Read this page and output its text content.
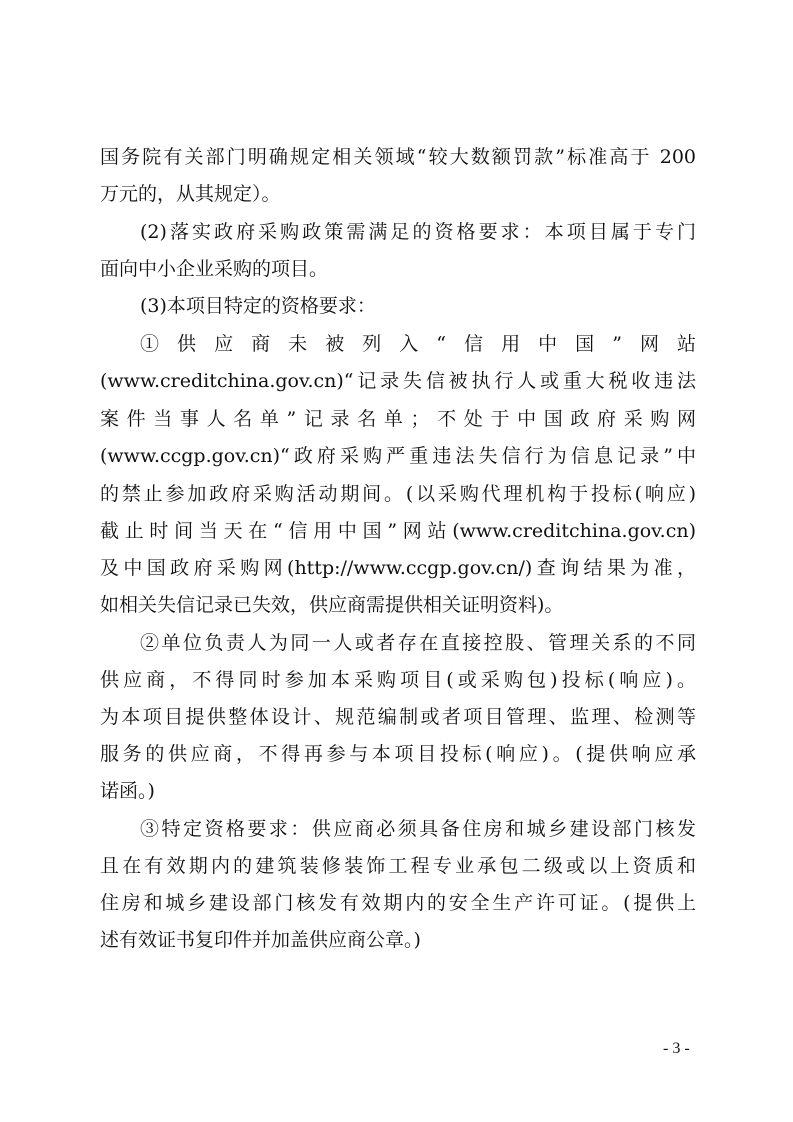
国务院有关部门明确规定相关领域“较大数额罚款”标准高于 200
万元的，从其规定）。
(2)落实政府采购政策需满足的资格要求：本项目属于专门
面向中小企业采购的项目。
(3)本项目特定的资格要求：
①供应商未被列入“信用中国”网站
(www.creditchina.gov.cn)“记录失信被执行人或重大税收违法
案件当事人名单”记录名单；不处于中国政府采购网
(www.ccgp.gov.cn)“政府采购严重违法失信行为信息记录”中
的禁止参加政府采购活动期间。(以采购代理机构于投标(响应)
截止时间当天在“信用中国”网站(www.creditchina.gov.cn)
及中国政府采购网(http://www.ccgp.gov.cn/)查询结果为准，
如相关失信记录已失效，供应商需提供相关证明资料)。
②单位负责人为同一人或者存在直接控股、管理关系的不同
供应商，不得同时参加本采购项目(或采购包)投标(响应)。
为本项目提供整体设计、规范编制或者项目管理、监理、检测等
服务的供应商，不得再参与本项目投标(响应)。(提供响应承
诺函。)
③特定资格要求：供应商必须具备住房和城乡建设部门核发
且在有效期内的建筑装修装饰工程专业承包二级或以上资质和
住房和城乡建设部门核发有效期内的安全生产许可证。(提供上
述有效证书复印件并加盖供应商公章。)
- 3 -
